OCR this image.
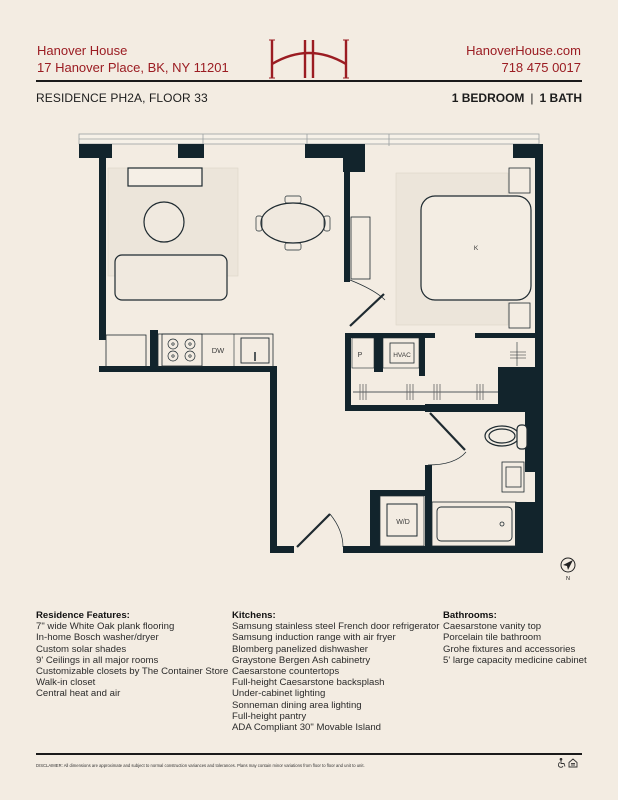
Hanover House
17 Hanover Place, BK, NY 11201
HanoverHouse.com
718 475 0017
RESIDENCE PH2A, FLOOR 33	1 BEDROOM | 1 BATH
DW
K
P	HVAC
W/D
N
Residence Features:
7" wide White Oak plank flooring
In-home Bosch washer/dryer
Custom solar shades
9' Ceilings in all major rooms
Customizable closets by The Container Store
Walk-in closet
Central heat and air
Kitchens:
Samsung stainless steel French door refrigerator
Samsung induction range with air fryer
Blomberg panelized dishwasher
Graystone Bergen Ash cabinetry
Caesarstone countertops
Full-height Caesarstone backsplash
Under-cabinet lighting
Sonneman dining area lighting
Full-height pantry
ADA Compliant 30" Movable Island
Bathrooms:
Caesarstone vanity top
Porcelain tile bathroom
Grohe fixtures and accessories
5' large capacity medicine cabinet
DISCLAIMER: All dimensions are approximate and subject to normal construction variances and tolerances. Plans may contain minor variations from floor to floor and unit to unit.
